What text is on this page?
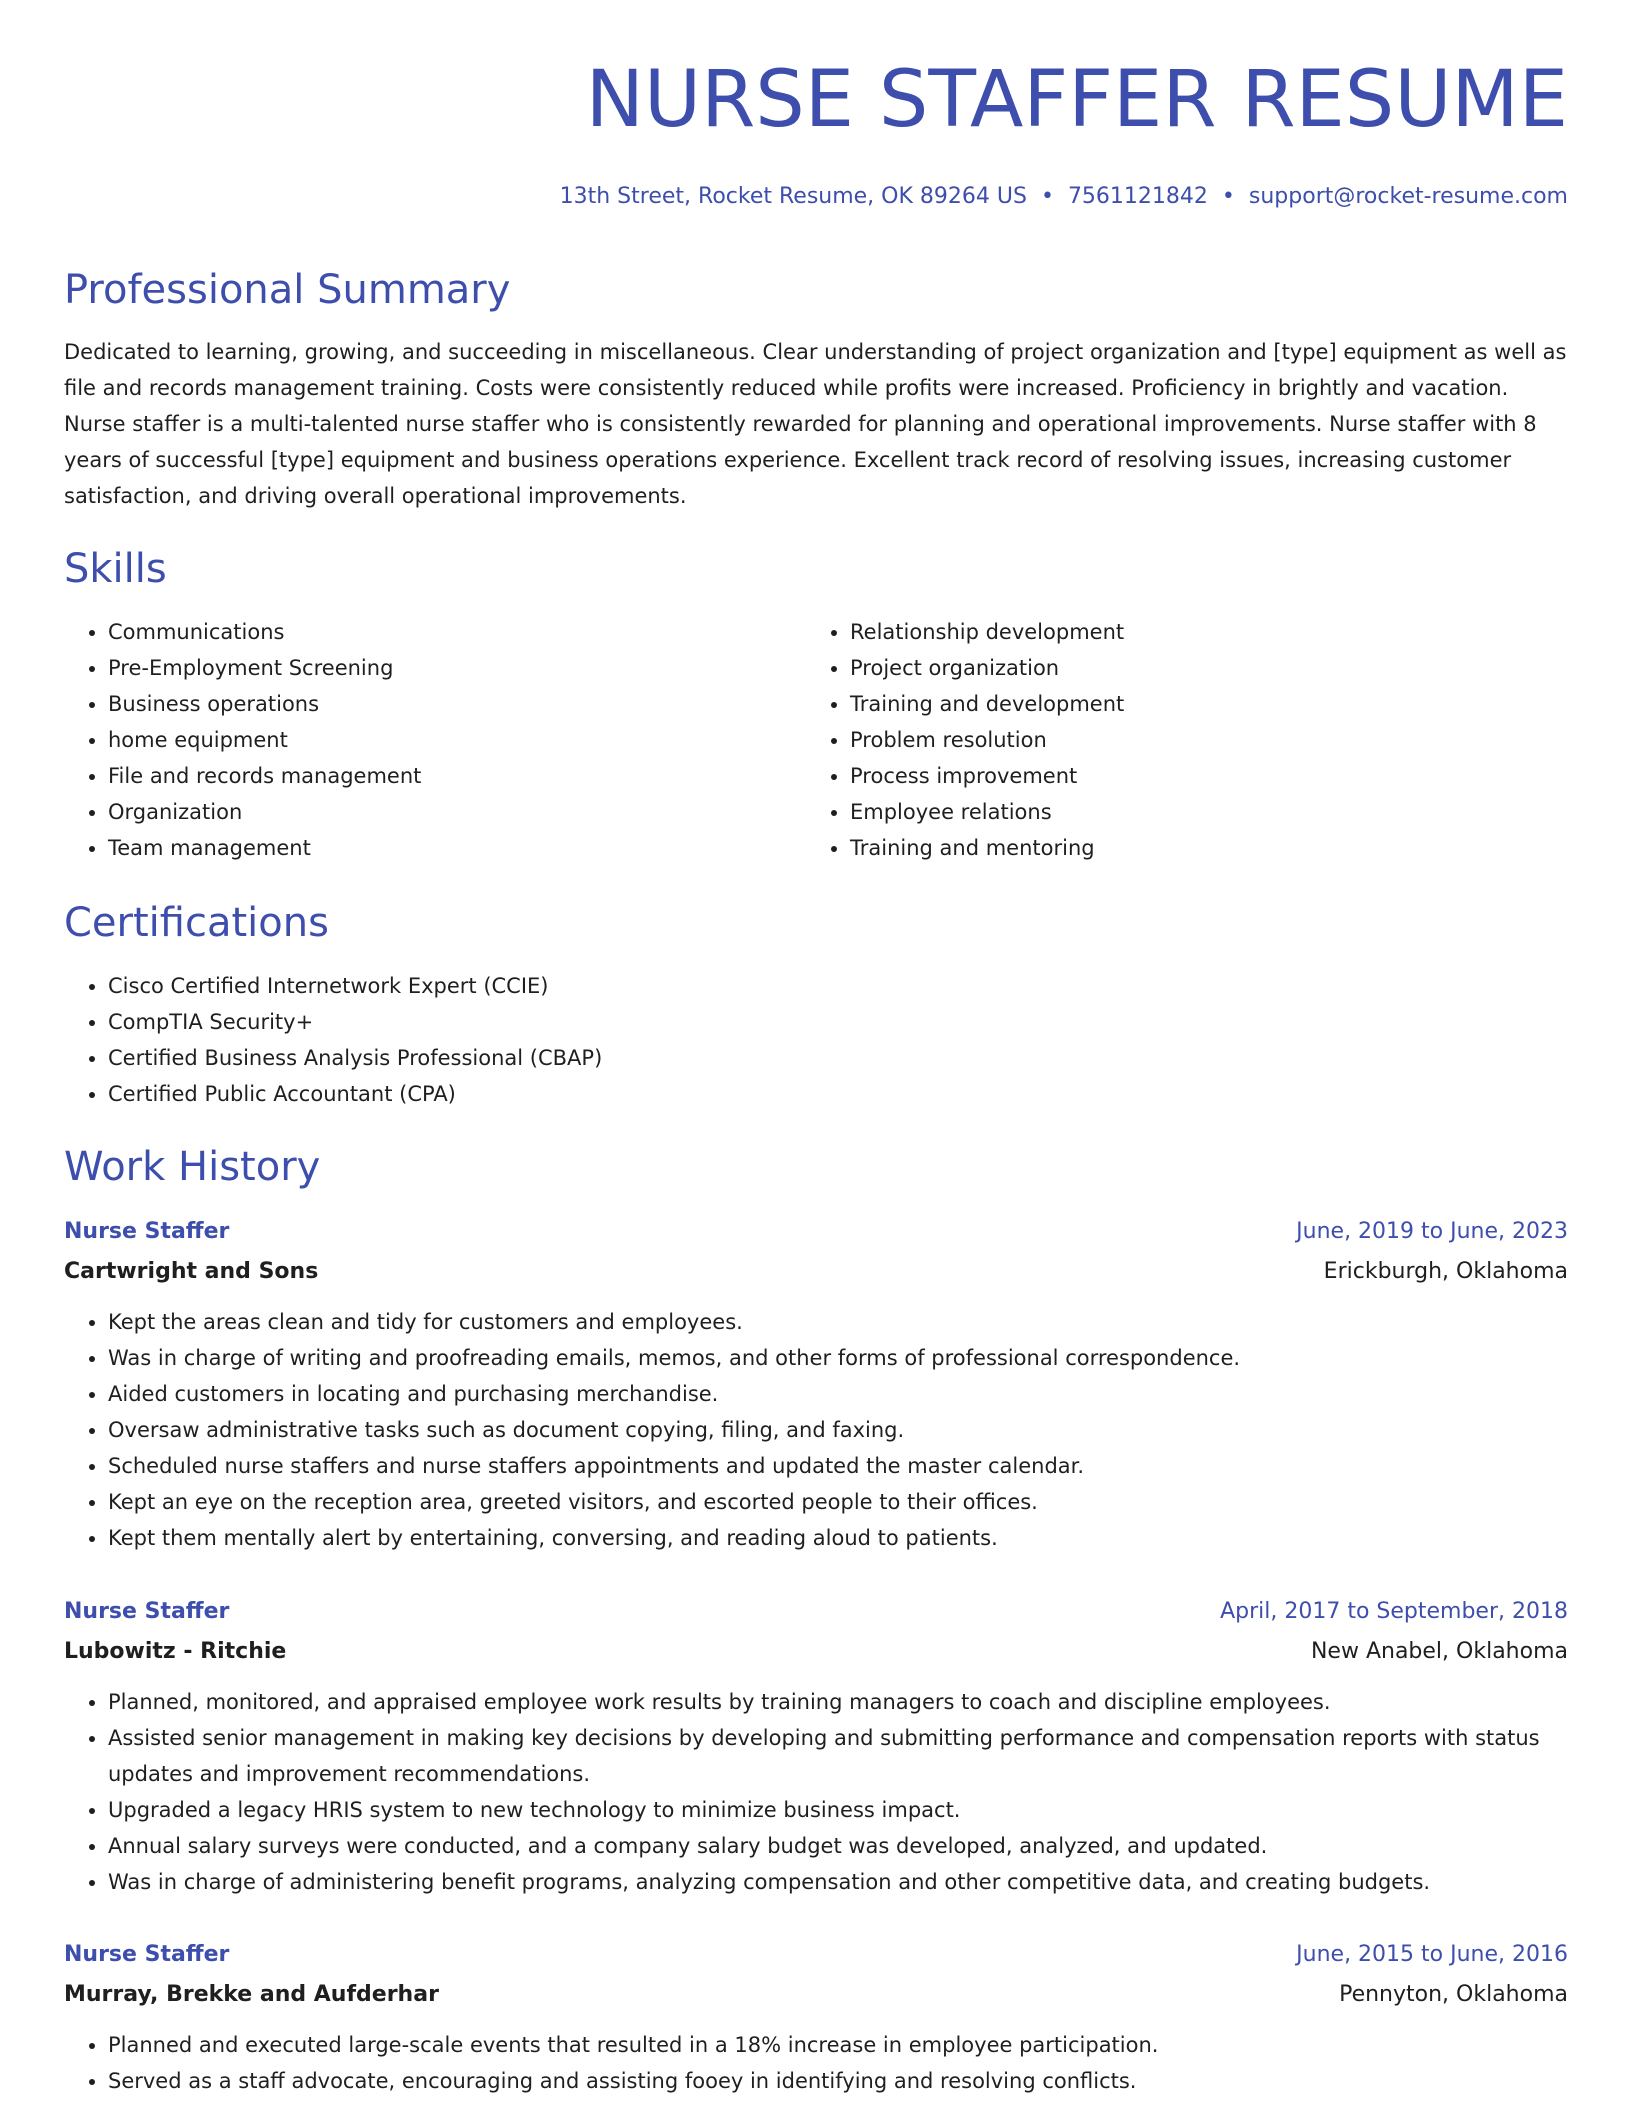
NURSE STAFFER RESUME
13th Street, Rocket Resume, OK 89264 US • 7561121842 • support@rocket-resume.com
Professional Summary

Dedicated to learning, growing, and succeeding in miscellaneous. Clear understanding of project organization and [type] equipment as well as file and records management training. Costs were consistently reduced while profits were increased. Proficiency in brightly and vacation. Nurse staffer is a multi-talented nurse staffer who is consistently rewarded for planning and operational improvements. Nurse staffer with 8 years of successful [type] equipment and business operations experience. Excellent track record of resolving issues, increasing customer satisfaction, and driving overall operational improvements.

Skills
• Communications
• Pre-Employment Screening
• Business operations
• home equipment
• File and records management
• Organization
• Team management
• Relationship development
• Project organization
• Training and development
• Problem resolution
• Process improvement
• Employee relations
• Training and mentoring
Certifications
• Cisco Certified Internetwork Expert (CCIE)
• CompTIA Security+
• Certified Business Analysis Professional (CBAP)
• Certified Public Accountant (CPA)
Work History
Nurse Staffer	June, 2019 to June, 2023
Cartwright and Sons	Erickburgh, Oklahoma
• Kept the areas clean and tidy for customers and employees.
• Was in charge of writing and proofreading emails, memos, and other forms of professional correspondence.
• Aided customers in locating and purchasing merchandise.
• Oversaw administrative tasks such as document copying, filing, and faxing.
• Scheduled nurse staffers and nurse staffers appointments and updated the master calendar.
• Kept an eye on the reception area, greeted visitors, and escorted people to their offices.
• Kept them mentally alert by entertaining, conversing, and reading aloud to patients.
Nurse Staffer	April, 2017 to September, 2018
Lubowitz - Ritchie	New Anabel, Oklahoma
• Planned, monitored, and appraised employee work results by training managers to coach and discipline employees.
• Assisted senior management in making key decisions by developing and submitting performance and compensation reports with status updates and improvement recommendations.
• Upgraded a legacy HRIS system to new technology to minimize business impact.
• Annual salary surveys were conducted, and a company salary budget was developed, analyzed, and updated.
• Was in charge of administering benefit programs, analyzing compensation and other competitive data, and creating budgets.
Nurse Staffer	June, 2015 to June, 2016
Murray, Brekke and Aufderhar	Pennyton, Oklahoma
• Planned and executed large-scale events that resulted in a 18% increase in employee participation.
• Served as a staff advocate, encouraging and assisting fooey in identifying and resolving conflicts.
